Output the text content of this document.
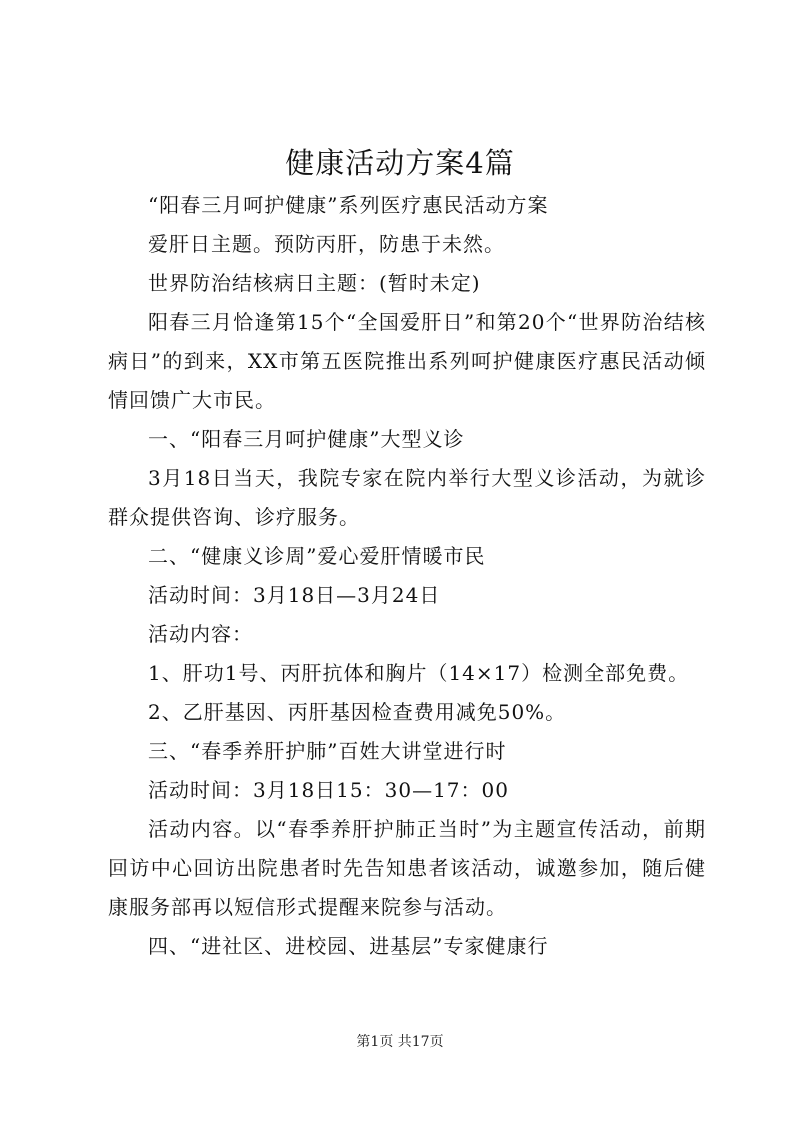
健康活动方案4篇

“阳春三月呵护健康”系列医疗惠民活动方案

爱肝日主题。预防丙肝，防患于未然。

世界防治结核病日主题：(暂时未定)

阳春三月恰逢第15个“全国爱肝日”和第20个“世界防治结核病日”的到来，XX市第五医院推出系列呵护健康医疗惠民活动倾情回馈广大市民。

一、“阳春三月呵护健康”大型义诊

3月18日当天，我院专家在院内举行大型义诊活动，为就诊群众提供咨询、诊疗服务。

二、“健康义诊周”爱心爱肝情暖市民

活动时间：3月18日—3月24日

活动内容：

1、肝功1号、丙肝抗体和胸片（14×17）检测全部免费。

2、乙肝基因、丙肝基因检查费用减免50%。

三、“春季养肝护肺”百姓大讲堂进行时

活动时间：3月18日15：30—17：00

活动内容。以“春季养肝护肺正当时”为主题宣传活动，前期回访中心回访出院患者时先告知患者该活动，诚邀参加，随后健康服务部再以短信形式提醒来院参与活动。

四、“进社区、进校园、进基层”专家健康行

第1页 共17页
